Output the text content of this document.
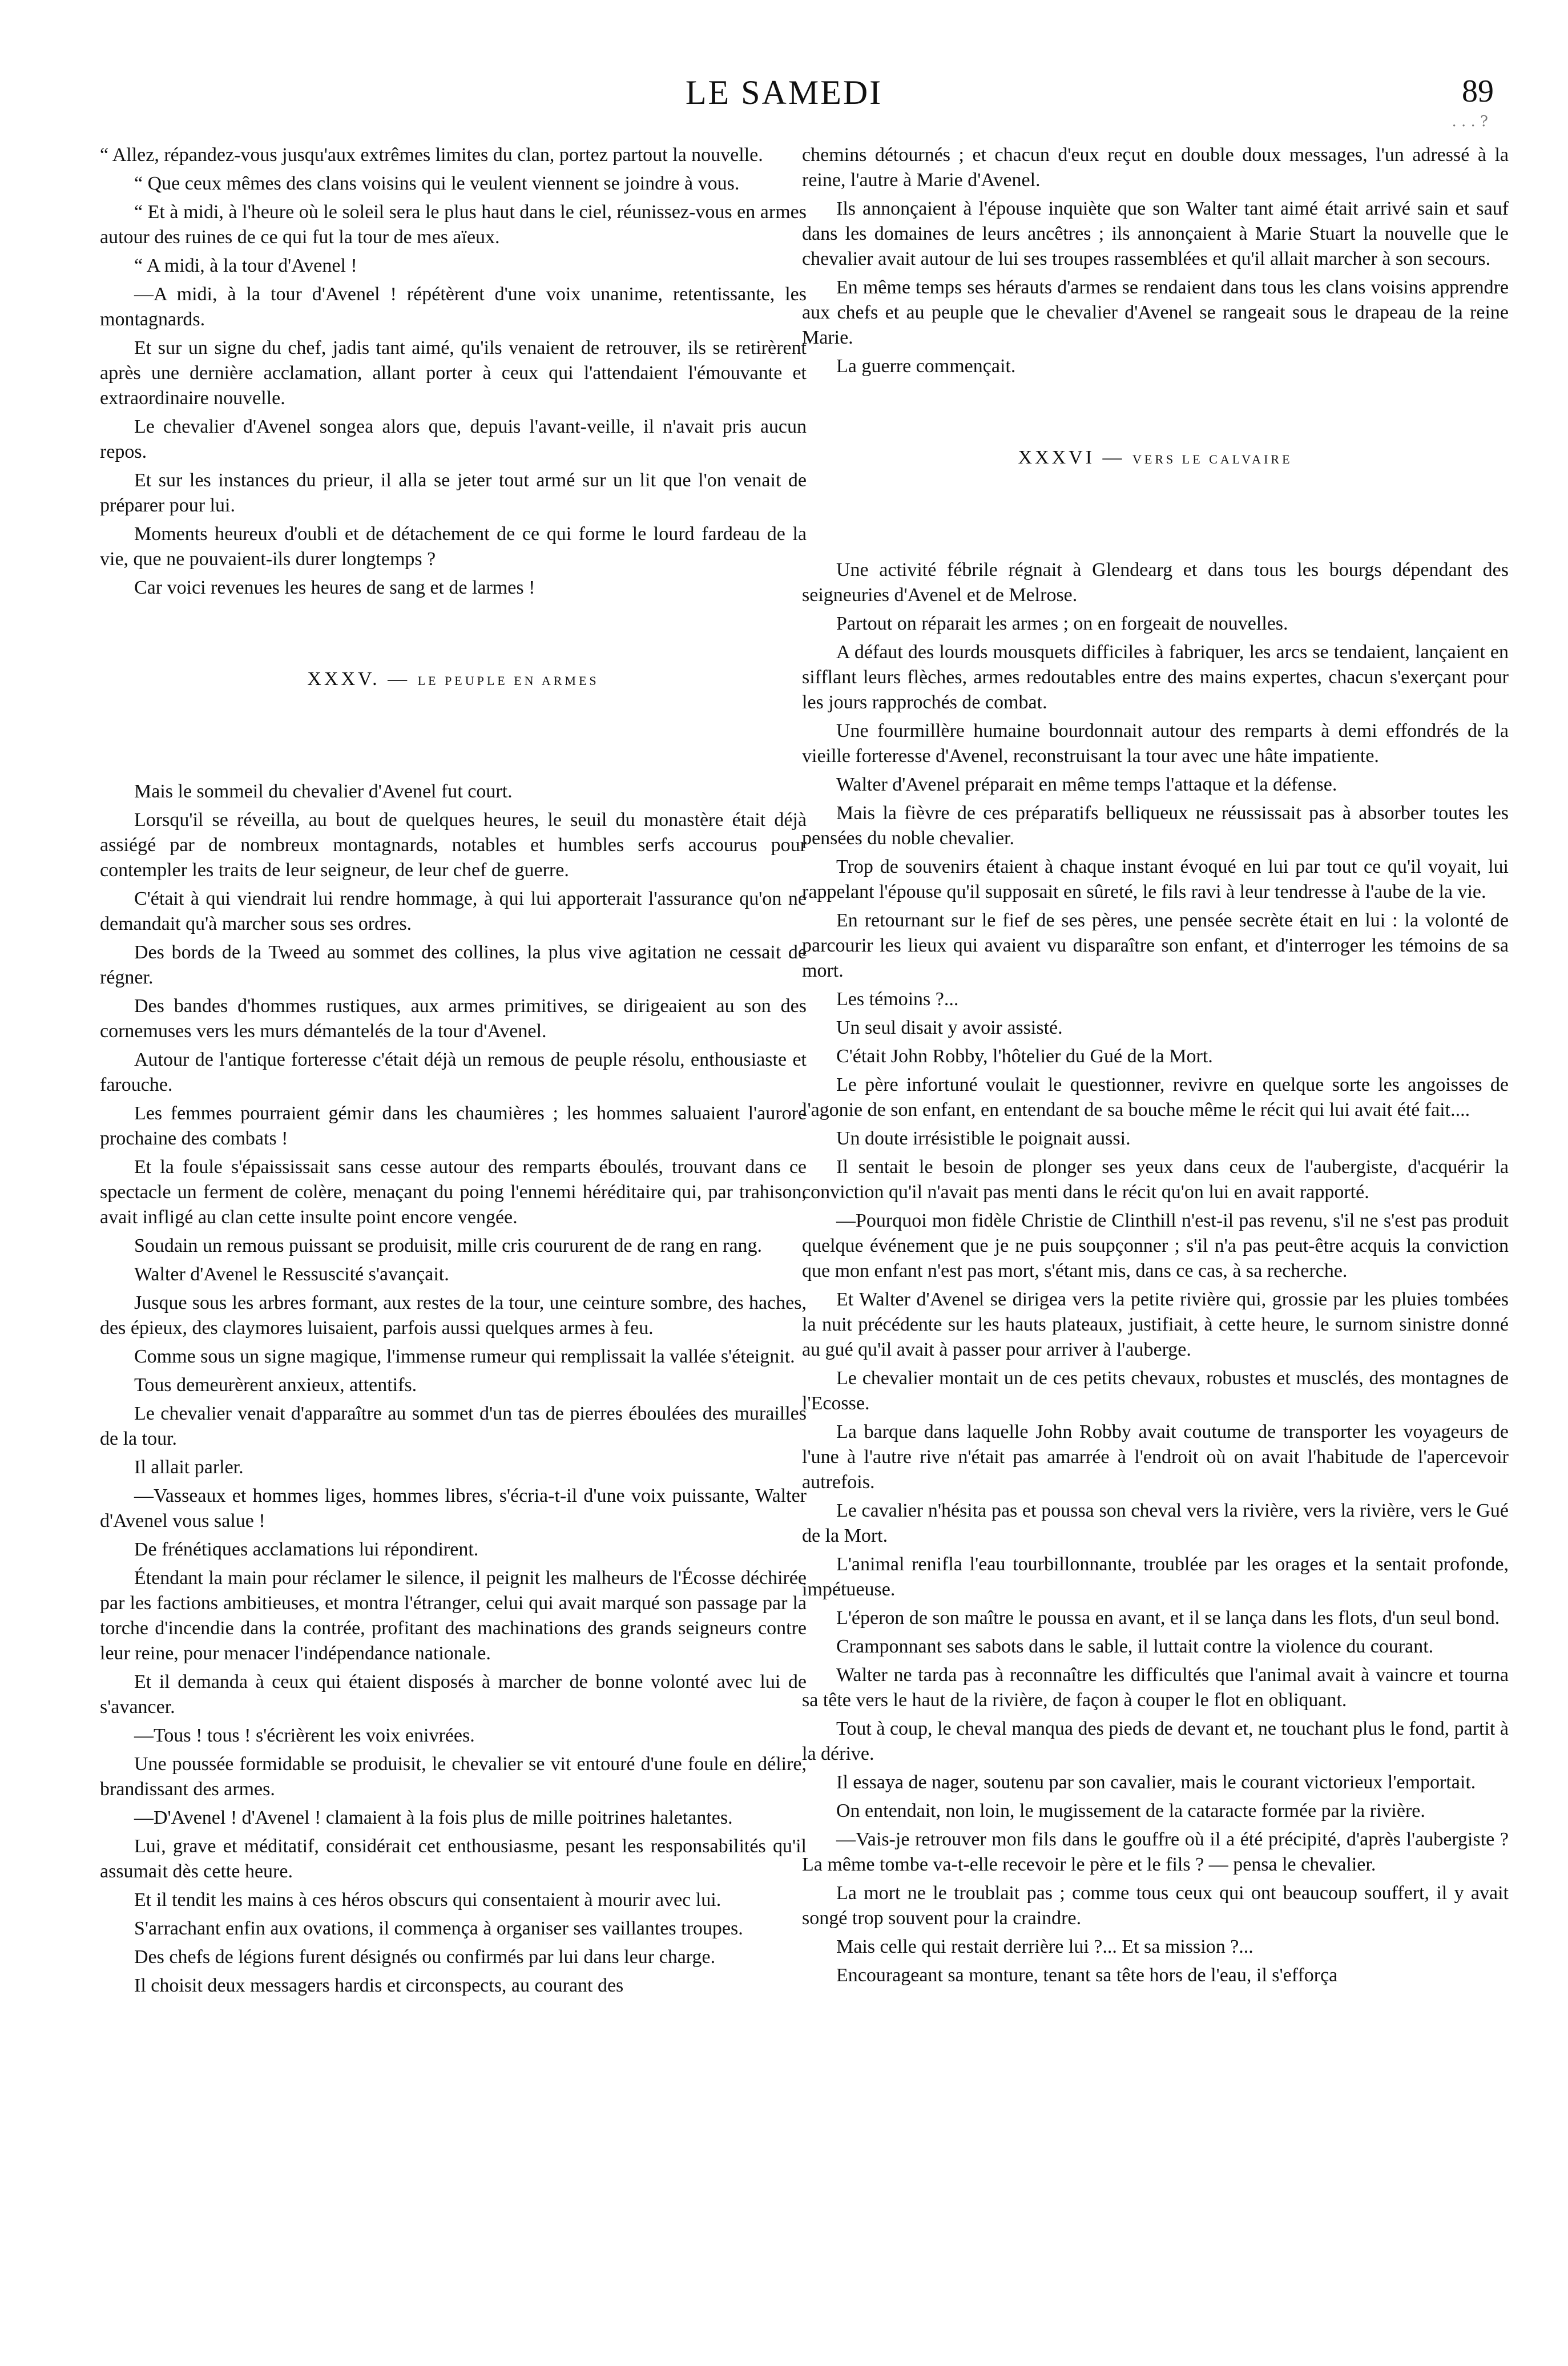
LE SAMEDI	89
. . . ?

“ Allez, répandez-vous jusqu'aux extrêmes limites du clan, portez partout la nouvelle.

“ Que ceux mêmes des clans voisins qui le veulent viennent se joindre à vous.

“ Et à midi, à l'heure où le soleil sera le plus haut dans le ciel, réunissez-vous en armes autour des ruines de ce qui fut la tour de mes aïeux.

“ A midi, à la tour d'Avenel !

—A midi, à la tour d'Avenel ! répétèrent d'une voix unanime, retentissante, les montagnards.

Et sur un signe du chef, jadis tant aimé, qu'ils venaient de retrouver, ils se retirèrent après une dernière acclamation, allant porter à ceux qui l'attendaient l'émouvante et extraordinaire nouvelle.

Le chevalier d'Avenel songea alors que, depuis l'avant-veille, il n'avait pris aucun repos.

Et sur les instances du prieur, il alla se jeter tout armé sur un lit que l'on venait de préparer pour lui.

Moments heureux d'oubli et de détachement de ce qui forme le lourd fardeau de la vie, que ne pouvaient-ils durer longtemps ?

Car voici revenues les heures de sang et de larmes !

XXXV. — LE PEUPLE EN ARMES

Mais le sommeil du chevalier d'Avenel fut court.

Lorsqu'il se réveilla, au bout de quelques heures, le seuil du monastère était déjà assiégé par de nombreux montagnards, notables et humbles serfs accourus pour contempler les traits de leur seigneur, de leur chef de guerre.

C'était à qui viendrait lui rendre hommage, à qui lui apporterait l'assurance qu'on ne demandait qu'à marcher sous ses ordres.

Des bords de la Tweed au sommet des collines, la plus vive agitation ne cessait de régner.

Des bandes d'hommes rustiques, aux armes primitives, se dirigeaient au son des cornemuses vers les murs démantelés de la tour d'Avenel.

Autour de l'antique forteresse c'était déjà un remous de peuple résolu, enthousiaste et farouche.

Les femmes pourraient gémir dans les chaumières ; les hommes saluaient l'aurore prochaine des combats !

Et la foule s'épaississait sans cesse autour des remparts éboulés, trouvant dans ce spectacle un ferment de colère, menaçant du poing l'ennemi héréditaire qui, par trahison, avait infligé au clan cette insulte point encore vengée.

Soudain un remous puissant se produisit, mille cris coururent de de rang en rang.

Walter d'Avenel le Ressuscité s'avançait.

Jusque sous les arbres formant, aux restes de la tour, une ceinture sombre, des haches, des épieux, des claymores luisaient, parfois aussi quelques armes à feu.

Comme sous un signe magique, l'immense rumeur qui remplissait la vallée s'éteignit.

Tous demeurèrent anxieux, attentifs.

Le chevalier venait d'apparaître au sommet d'un tas de pierres éboulées des murailles de la tour.

Il allait parler.

—Vasseaux et hommes liges, hommes libres, s'écria-t-il d'une voix puissante, Walter d'Avenel vous salue !

De frénétiques acclamations lui répondirent.

Étendant la main pour réclamer le silence, il peignit les malheurs de l'Écosse déchirée par les factions ambitieuses, et montra l'étranger, celui qui avait marqué son passage par la torche d'incendie dans la contrée, profitant des machinations des grands seigneurs contre leur reine, pour menacer l'indépendance nationale.

Et il demanda à ceux qui étaient disposés à marcher de bonne volonté avec lui de s'avancer.

—Tous ! tous ! s'écrièrent les voix enivrées.

Une poussée formidable se produisit, le chevalier se vit entouré d'une foule en délire, brandissant des armes.

—D'Avenel ! d'Avenel ! clamaient à la fois plus de mille poitrines haletantes.

Lui, grave et méditatif, considérait cet enthousiasme, pesant les responsabilités qu'il assumait dès cette heure.

Et il tendit les mains à ces héros obscurs qui consentaient à mourir avec lui.

S'arrachant enfin aux ovations, il commença à organiser ses vaillantes troupes.

Des chefs de légions furent désignés ou confirmés par lui dans leur charge.

Il choisit deux messagers hardis et circonspects, au courant des

chemins détournés ; et chacun d'eux reçut en double doux messages, l'un adressé à la reine, l'autre à Marie d'Avenel.

Ils annonçaient à l'épouse inquiète que son Walter tant aimé était arrivé sain et sauf dans les domaines de leurs ancêtres ; ils annonçaient à Marie Stuart la nouvelle que le chevalier avait autour de lui ses troupes rassemblées et qu'il allait marcher à son secours.

En même temps ses hérauts d'armes se rendaient dans tous les clans voisins apprendre aux chefs et au peuple que le chevalier d'Avenel se rangeait sous le drapeau de la reine Marie.

La guerre commençait.

XXXVI — VERS LE CALVAIRE

Une activité fébrile régnait à Glendearg et dans tous les bourgs dépendant des seigneuries d'Avenel et de Melrose.

Partout on réparait les armes ; on en forgeait de nouvelles.

A défaut des lourds mousquets difficiles à fabriquer, les arcs se tendaient, lançaient en sifflant leurs flèches, armes redoutables entre des mains expertes, chacun s'exerçant pour les jours rapprochés de combat.

Une fourmillère humaine bourdonnait autour des remparts à demi effondrés de la vieille forteresse d'Avenel, reconstruisant la tour avec une hâte impatiente.

Walter d'Avenel préparait en même temps l'attaque et la défense.

Mais la fièvre de ces préparatifs belliqueux ne réussissait pas à absorber toutes les pensées du noble chevalier.

Trop de souvenirs étaient à chaque instant évoqué en lui par tout ce qu'il voyait, lui rappelant l'épouse qu'il supposait en sûreté, le fils ravi à leur tendresse à l'aube de la vie.

En retournant sur le fief de ses pères, une pensée secrète était en lui : la volonté de parcourir les lieux qui avaient vu disparaître son enfant, et d'interroger les témoins de sa mort.

Les témoins ?...

Un seul disait y avoir assisté.

C'était John Robby, l'hôtelier du Gué de la Mort.

Le père infortuné voulait le questionner, revivre en quelque sorte les angoisses de l'agonie de son enfant, en entendant de sa bouche même le récit qui lui avait été fait....

Un doute irrésistible le poignait aussi.

Il sentait le besoin de plonger ses yeux dans ceux de l'aubergiste, d'acquérir la conviction qu'il n'avait pas menti dans le récit qu'on lui en avait rapporté.

—Pourquoi mon fidèle Christie de Clinthill n'est-il pas revenu, s'il ne s'est pas produit quelque événement que je ne puis soupçonner ; s'il n'a pas peut-être acquis la conviction que mon enfant n'est pas mort, s'étant mis, dans ce cas, à sa recherche.

Et Walter d'Avenel se dirigea vers la petite rivière qui, grossie par les pluies tombées la nuit précédente sur les hauts plateaux, justifiait, à cette heure, le surnom sinistre donné au gué qu'il avait à passer pour arriver à l'auberge.

Le chevalier montait un de ces petits chevaux, robustes et musclés, des montagnes de l'Ecosse.

La barque dans laquelle John Robby avait coutume de transporter les voyageurs de l'une à l'autre rive n'était pas amarrée à l'endroit où on avait l'habitude de l'apercevoir autrefois.

Le cavalier n'hésita pas et poussa son cheval vers la rivière, vers la rivière, vers le Gué de la Mort.

L'animal renifla l'eau tourbillonnante, troublée par les orages et la sentait profonde, impétueuse.

L'éperon de son maître le poussa en avant, et il se lança dans les flots, d'un seul bond.

Cramponnant ses sabots dans le sable, il luttait contre la violence du courant.

Walter ne tarda pas à reconnaître les difficultés que l'animal avait à vaincre et tourna sa tête vers le haut de la rivière, de façon à couper le flot en obliquant.

Tout à coup, le cheval manqua des pieds de devant et, ne touchant plus le fond, partit à la dérive.

Il essaya de nager, soutenu par son cavalier, mais le courant victorieux l'emportait.

On entendait, non loin, le mugissement de la cataracte formée par la rivière.

—Vais-je retrouver mon fils dans le gouffre où il a été précipité, d'après l'aubergiste ? La même tombe va-t-elle recevoir le père et le fils ? — pensa le chevalier.

La mort ne le troublait pas ; comme tous ceux qui ont beaucoup souffert, il y avait songé trop souvent pour la craindre.

Mais celle qui restait derrière lui ?... Et sa mission ?...

Encourageant sa monture, tenant sa tête hors de l'eau, il s'efforça
